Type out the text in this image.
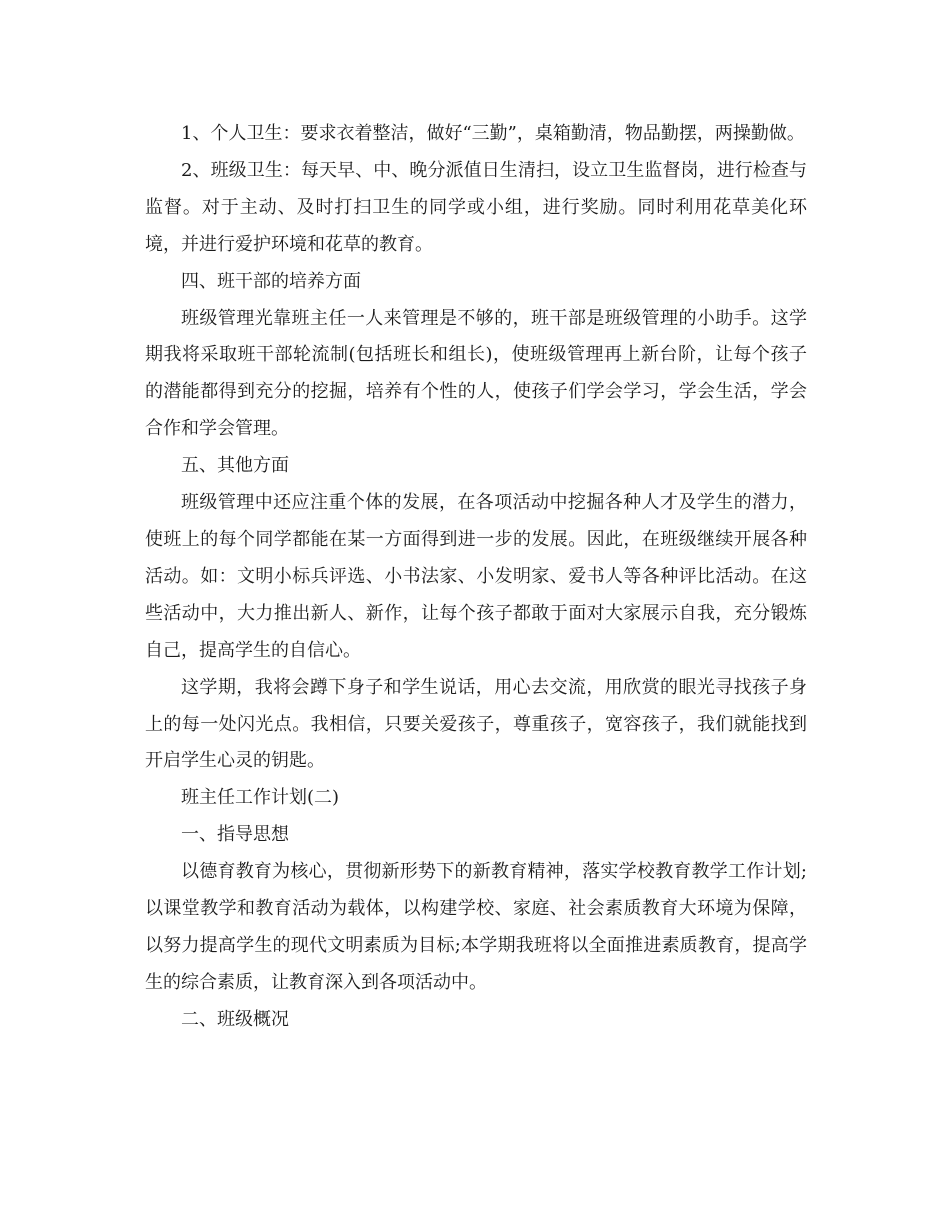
1、个人卫生：要求衣着整洁，做好“三勤”，桌箱勤清，物品勤摆，两操勤做。

2、班级卫生：每天早、中、晚分派值日生清扫，设立卫生监督岗，进行检查与监督。对于主动、及时打扫卫生的同学或小组，进行奖励。同时利用花草美化环境，并进行爱护环境和花草的教育。

四、班干部的培养方面

班级管理光靠班主任一人来管理是不够的，班干部是班级管理的小助手。这学期我将采取班干部轮流制(包括班长和组长)，使班级管理再上新台阶，让每个孩子的潜能都得到充分的挖掘，培养有个性的人，使孩子们学会学习，学会生活，学会合作和学会管理。

五、其他方面

班级管理中还应注重个体的发展，在各项活动中挖掘各种人才及学生的潜力，使班上的每个同学都能在某一方面得到进一步的发展。因此，在班级继续开展各种活动。如：文明小标兵评选、小书法家、小发明家、爱书人等各种评比活动。在这些活动中，大力推出新人、新作，让每个孩子都敢于面对大家展示自我，充分锻炼自己，提高学生的自信心。

这学期，我将会蹲下身子和学生说话，用心去交流，用欣赏的眼光寻找孩子身上的每一处闪光点。我相信，只要关爱孩子，尊重孩子，宽容孩子，我们就能找到开启学生心灵的钥匙。

班主任工作计划(二)

一、指导思想

以德育教育为核心，贯彻新形势下的新教育精神，落实学校教育教学工作计划;以课堂教学和教育活动为载体，以构建学校、家庭、社会素质教育大环境为保障，以努力提高学生的现代文明素质为目标;本学期我班将以全面推进素质教育，提高学生的综合素质，让教育深入到各项活动中。

二、班级概况
